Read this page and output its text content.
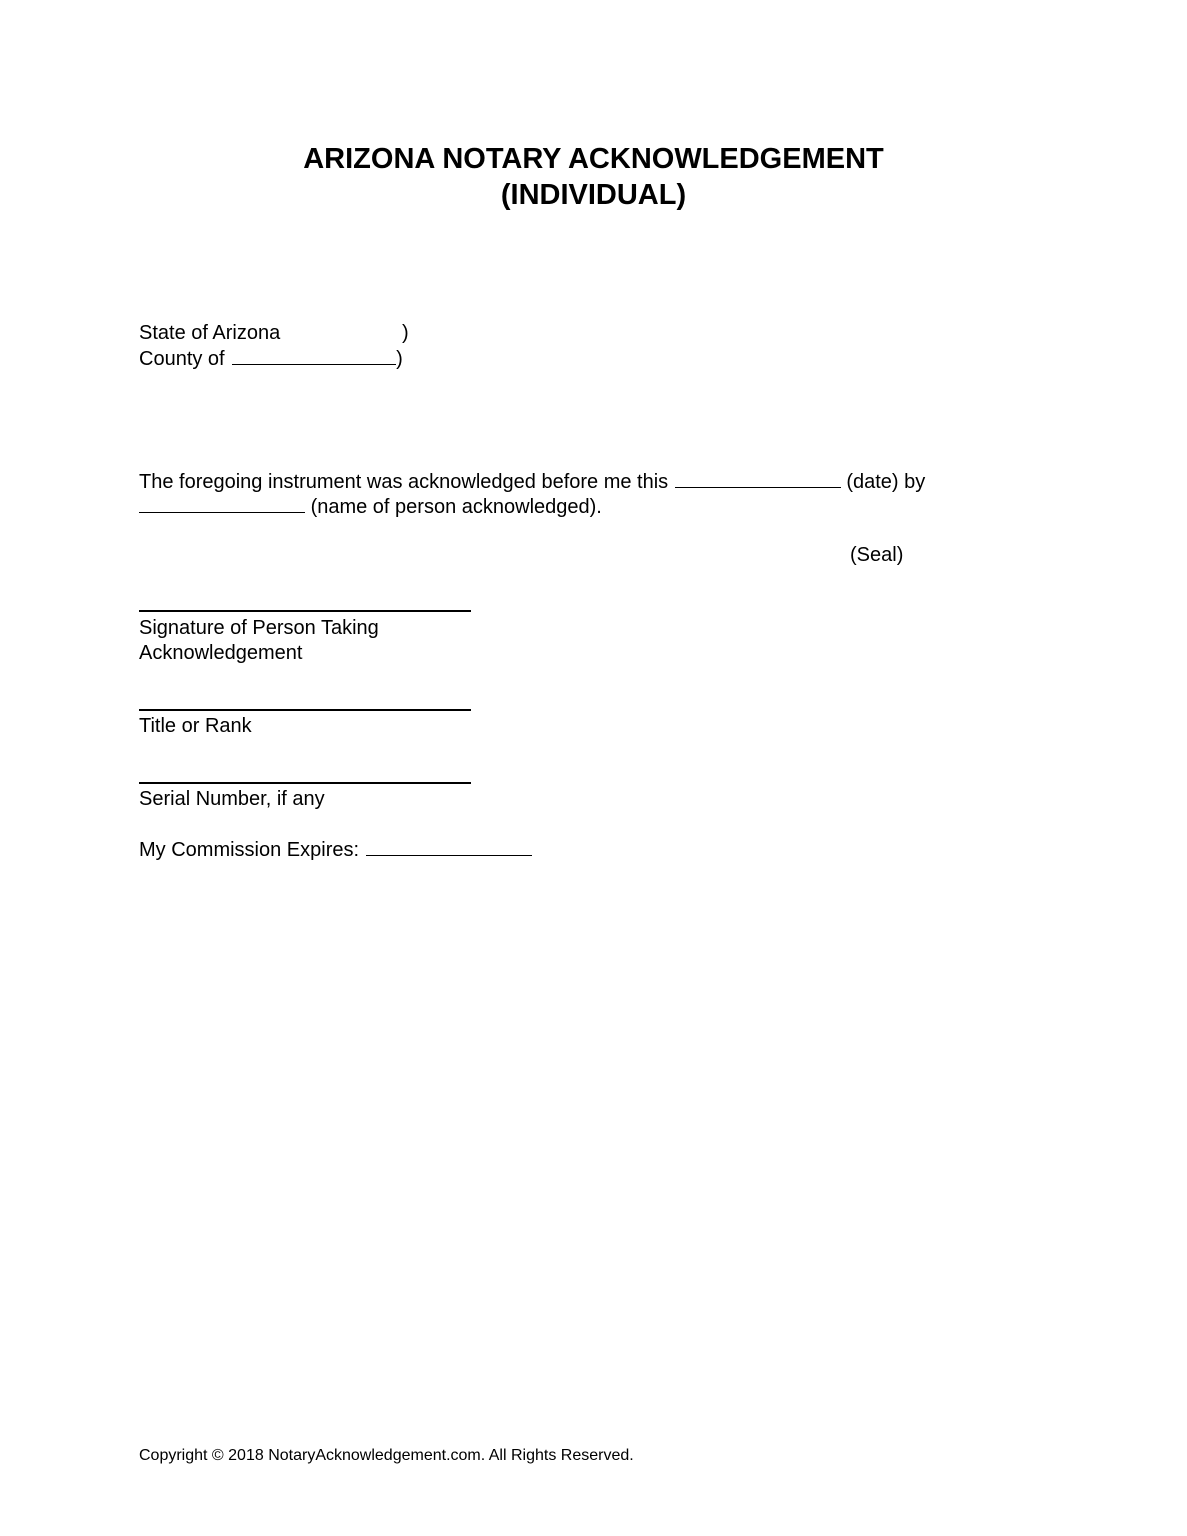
ARIZONA NOTARY ACKNOWLEDGEMENT
(INDIVIDUAL)
State of Arizona	)
County of	)
The foregoing instrument was acknowledged before me this	(date) by
(name of person acknowledged).
(Seal)
Signature of Person Taking
Acknowledgement
Title or Rank
Serial Number, if any
My Commission Expires:
Copyright © 2018 NotaryAcknowledgement.com. All Rights Reserved.
